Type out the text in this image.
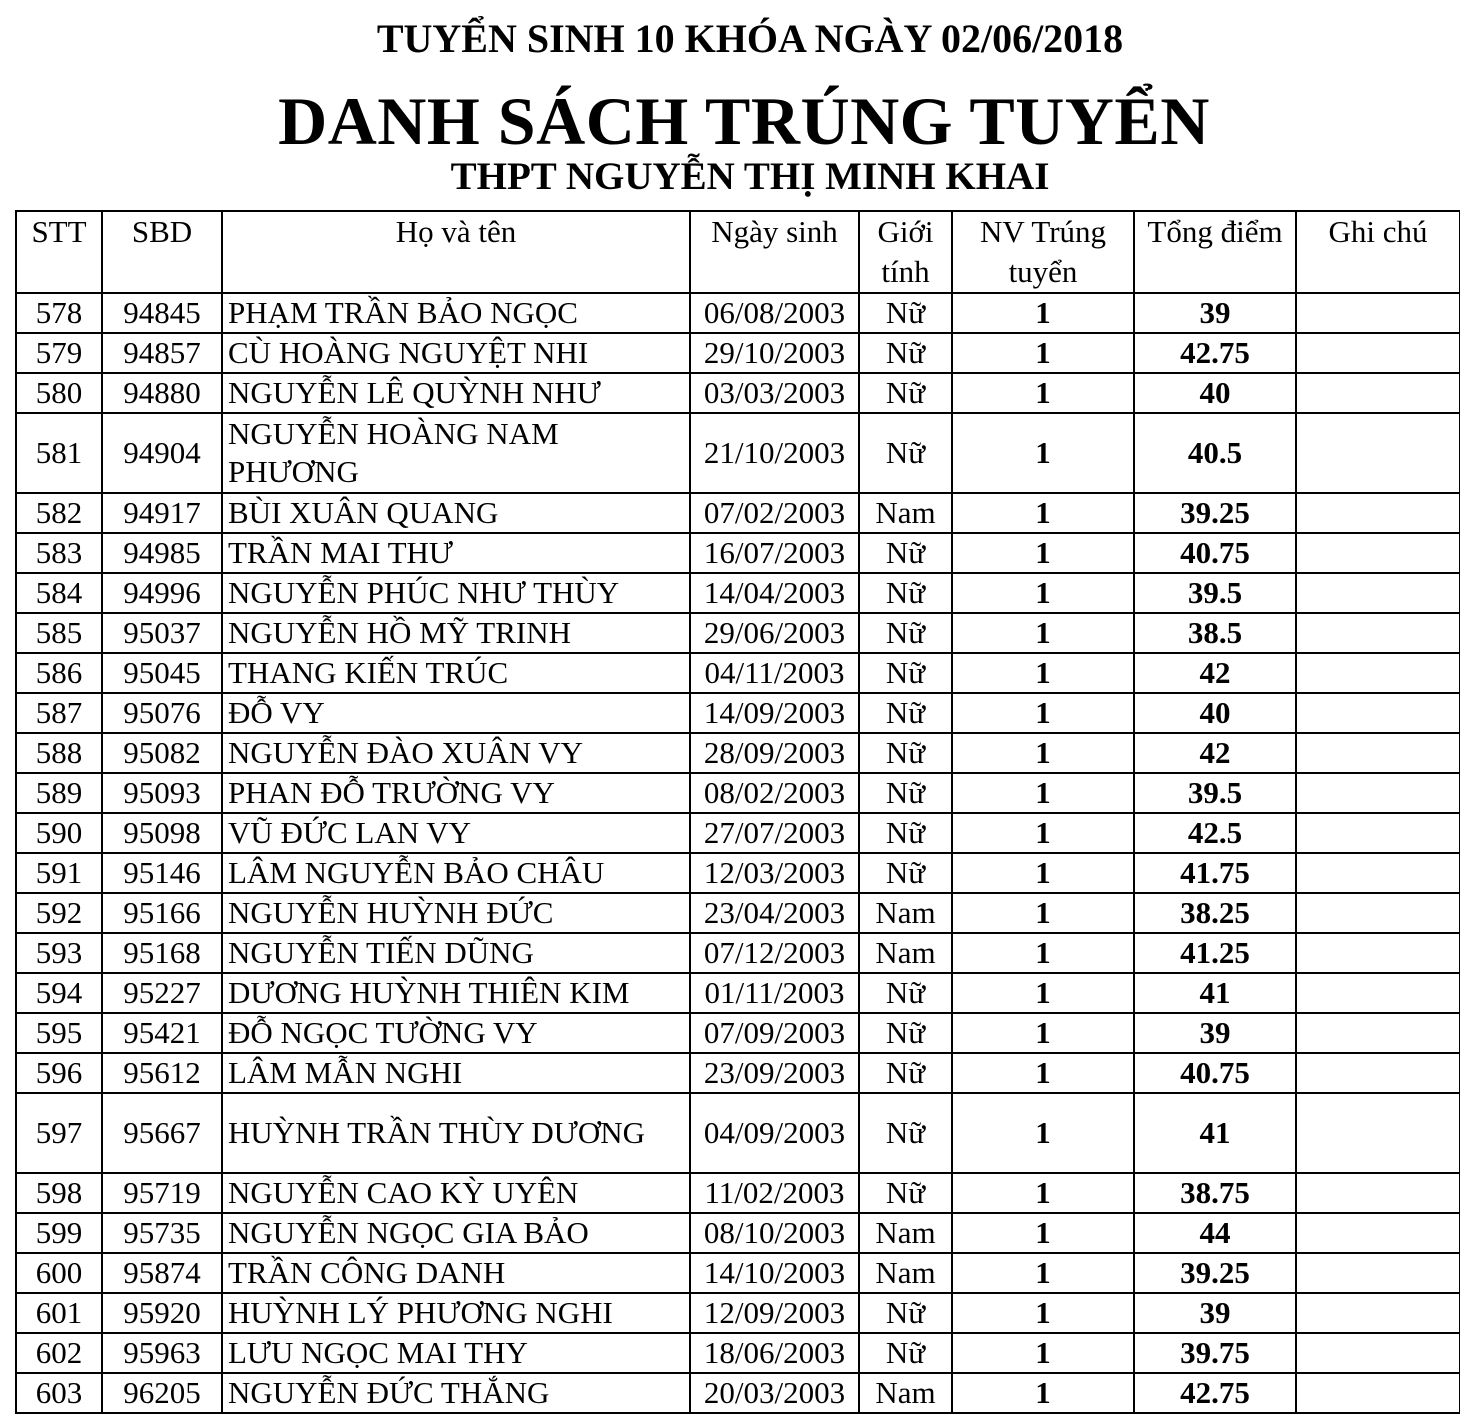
TUYỂN SINH 10 KHÓA NGÀY 02/06/2018
DANH SÁCH TRÚNG TUYỂN
THPT NGUYỄN THỊ MINH KHAI
STT	SBD	Họ và tên	Ngày sinh	Giới tính	NV Trúng tuyển	Tổng điểm	Ghi chú
578	94845	PHẠM TRẦN BẢO NGỌC	06/08/2003	Nữ	1	39	
579	94857	CÙ HOÀNG NGUYỆT NHI	29/10/2003	Nữ	1	42.75	
580	94880	NGUYỄN LÊ QUỲNH NHƯ	03/03/2003	Nữ	1	40	
581	94904	NGUYỄN HOÀNG NAM PHƯƠNG	21/10/2003	Nữ	1	40.5	
582	94917	BÙI XUÂN QUANG	07/02/2003	Nam	1	39.25	
583	94985	TRẦN MAI THƯ	16/07/2003	Nữ	1	40.75	
584	94996	NGUYỄN PHÚC NHƯ THÙY	14/04/2003	Nữ	1	39.5	
585	95037	NGUYỄN HỒ MỸ TRINH	29/06/2003	Nữ	1	38.5	
586	95045	THANG KIẾN TRÚC	04/11/2003	Nữ	1	42	
587	95076	ĐỖ VY	14/09/2003	Nữ	1	40	
588	95082	NGUYỄN ĐÀO XUÂN VY	28/09/2003	Nữ	1	42	
589	95093	PHAN ĐỖ TRƯỜNG VY	08/02/2003	Nữ	1	39.5	
590	95098	VŨ ĐỨC LAN VY	27/07/2003	Nữ	1	42.5	
591	95146	LÂM NGUYỄN BẢO CHÂU	12/03/2003	Nữ	1	41.75	
592	95166	NGUYỄN HUỲNH ĐỨC	23/04/2003	Nam	1	38.25	
593	95168	NGUYỄN TIẾN DŨNG	07/12/2003	Nam	1	41.25	
594	95227	DƯƠNG HUỲNH THIÊN KIM	01/11/2003	Nữ	1	41	
595	95421	ĐỖ NGỌC TƯỜNG VY	07/09/2003	Nữ	1	39	
596	95612	LÂM MẪN NGHI	23/09/2003	Nữ	1	40.75	
597	95667	HUỲNH TRẦN THÙY DƯƠNG	04/09/2003	Nữ	1	41	
598	95719	NGUYỄN CAO KỲ UYÊN	11/02/2003	Nữ	1	38.75	
599	95735	NGUYỄN NGỌC GIA BẢO	08/10/2003	Nam	1	44	
600	95874	TRẦN CÔNG DANH	14/10/2003	Nam	1	39.25	
601	95920	HUỲNH LÝ PHƯƠNG NGHI	12/09/2003	Nữ	1	39	
602	95963	LƯU NGỌC MAI THY	18/06/2003	Nữ	1	39.75	
603	96205	NGUYỄN ĐỨC THẮNG	20/03/2003	Nam	1	42.75	
